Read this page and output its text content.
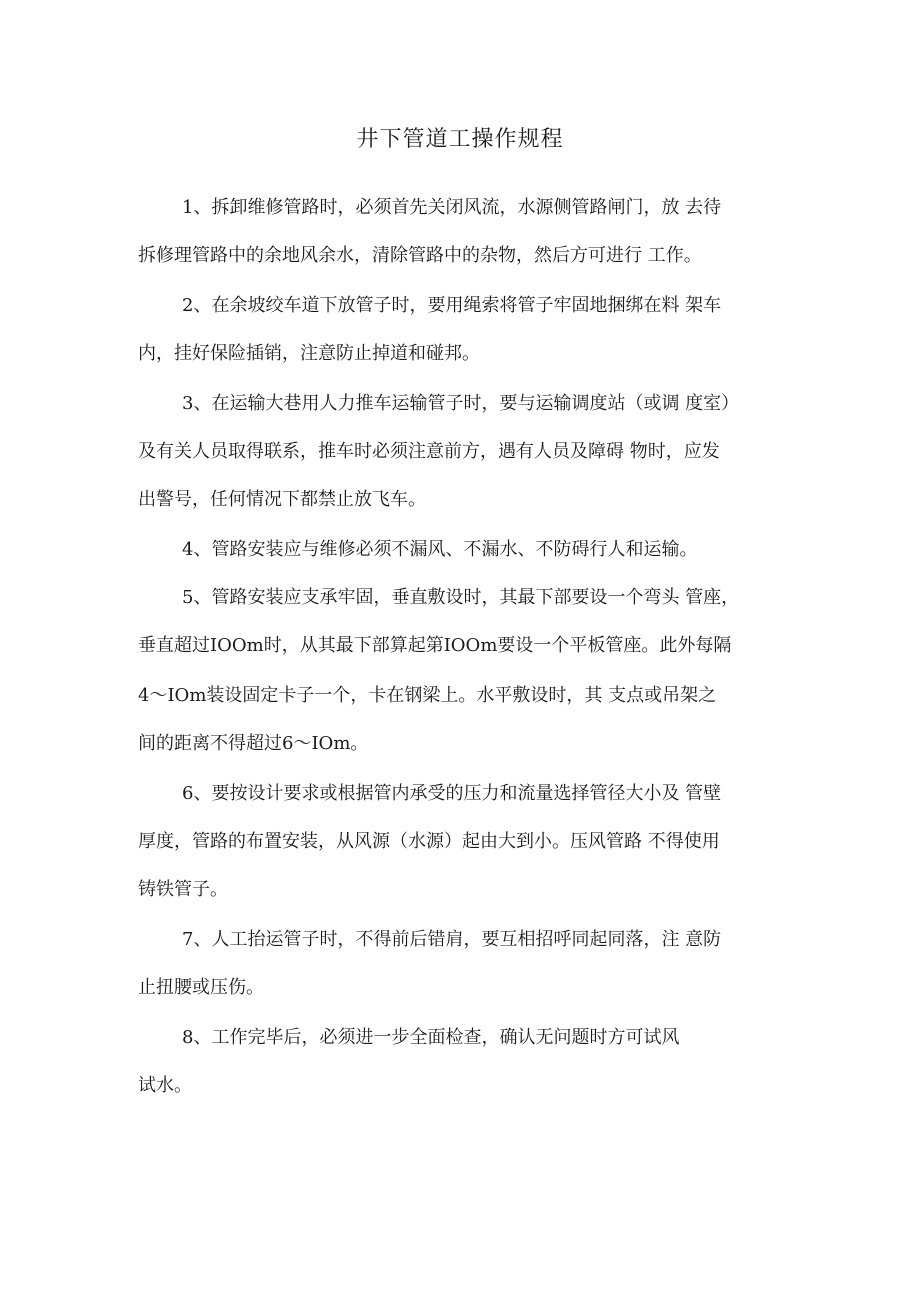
井下管道工操作规程
1、拆卸维修管路时，必须首先关闭风流，水源侧管路闸门，放 去待
拆修理管路中的余地风余水，清除管路中的杂物，然后方可进行 工作。
2、在余坡绞车道下放管子时，要用绳索将管子牢固地捆绑在料 架车
内，挂好保险插销，注意防止掉道和碰邦。
3、在运输大巷用人力推车运输管子时，要与运输调度站（或调 度室）
及有关人员取得联系，推车时必须注意前方，遇有人员及障碍 物时，应发
出警号，任何情况下都禁止放飞车。
4、管路安装应与维修必须不漏风、不漏水、不防碍行人和运输。
5、管路安装应支承牢固，垂直敷设时，其最下部要设一个弯头 管座，
垂直超过IOOm时，从其最下部算起第IOOm要设一个平板管座。此外每隔
4～IOm装设固定卡子一个，卡在钢梁上。水平敷设时，其 支点或吊架之
间的距离不得超过6～IOm。
6、要按设计要求或根据管内承受的压力和流量选择管径大小及 管壁
厚度，管路的布置安装，从风源（水源）起由大到小。压风管路 不得使用
铸铁管子。
7、人工抬运管子时，不得前后错肩，要互相招呼同起同落，注 意防
止扭腰或压伤。
8、工作完毕后，必须进一步全面检查，确认无问题时方可试风
试水。
